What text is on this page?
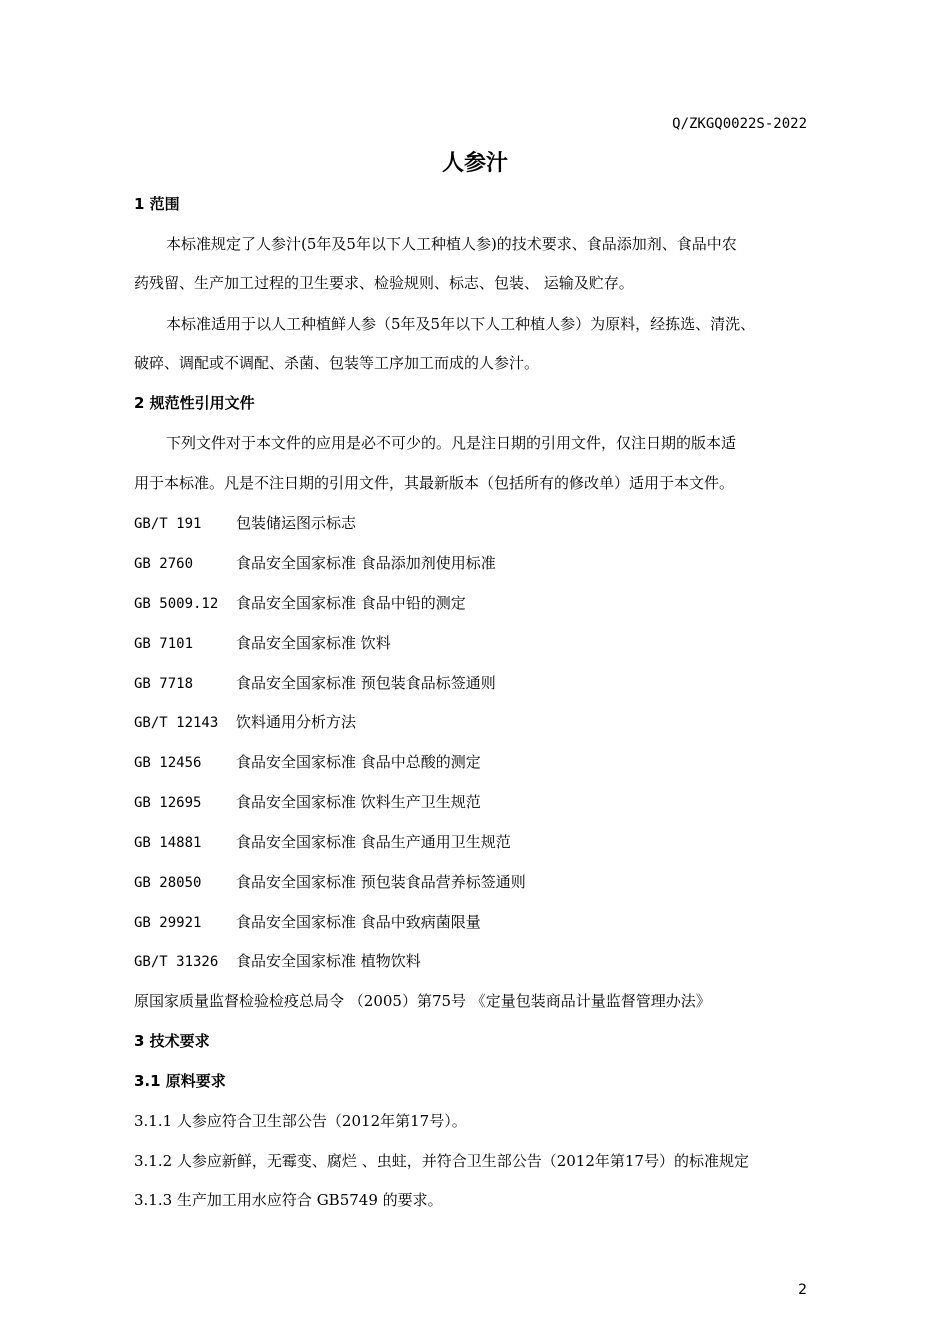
Q/ZKGQ0022S-2022
人参汁
1 范围
本标准规定了人参汁(5年及5年以下人工种植人参)的技术要求、食品添加剂、食品中农
药残留、生产加工过程的卫生要求、检验规则、标志、包装、 运输及贮存。
本标准适用于以人工种植鲜人参（5年及5年以下人工种植人参）为原料，经拣选、清洗、
破碎、调配或不调配、杀菌、包装等工序加工而成的人参汁。
2 规范性引用文件
下列文件对于本文件的应用是必不可少的。凡是注日期的引用文件，仅注日期的版本适
用于本标准。凡是不注日期的引用文件，其最新版本（包括所有的修改单）适用于本文件。
GB/T 191 包装储运图示标志
GB 2760	食品安全国家标准 食品添加剂使用标准
GB 5009.12 食品安全国家标准 食品中铅的测定
GB 7101	食品安全国家标准 饮料
GB 7718	食品安全国家标准 预包装食品标签通则
GB/T 12143 饮料通用分析方法
GB 12456 食品安全国家标准 食品中总酸的测定
GB 12695 食品安全国家标准 饮料生产卫生规范
GB 14881 食品安全国家标准 食品生产通用卫生规范
GB 28050 食品安全国家标准 预包装食品营养标签通则
GB 29921 食品安全国家标准 食品中致病菌限量
GB/T 31326 食品安全国家标准 植物饮料
原国家质量监督检验检疫总局令 （2005）第75号 《定量包装商品计量监督管理办法》
3 技术要求
3.1 原料要求
3.1.1 人参应符合卫生部公告（2012年第17号）。
3.1.2 人参应新鲜，无霉变、腐烂 、虫蛀，并符合卫生部公告（2012年第17号）的标准规定
3.1.3 生产加工用水应符合 GB5749 的要求。
2
